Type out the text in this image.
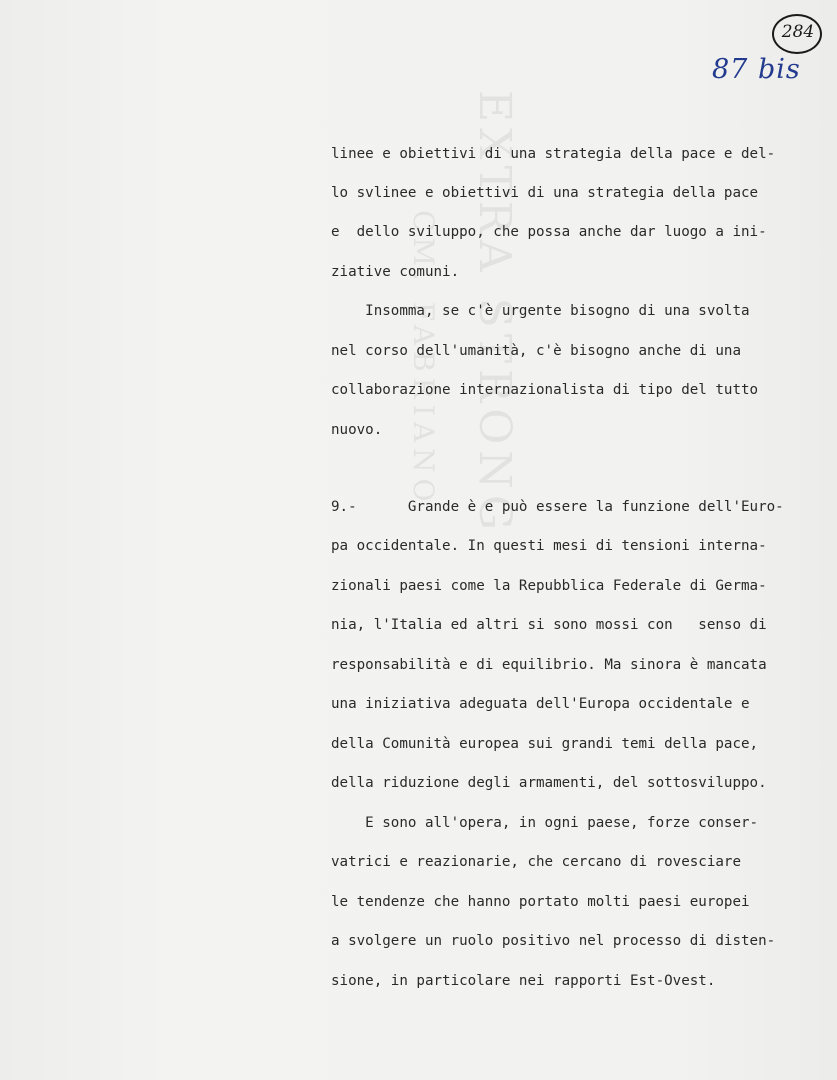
EXTRA STRONG
CM. FABRIANO
284
87 bis
linee e obiettivi di una strategia della pace e del-
lo svlinee e obiettivi di una strategia della pace
e  dello sviluppo, che possa anche dar luogo a ini-
ziative comuni.
Insomma, se c'è urgente bisogno di una svolta
nel corso dell'umanità, c'è bisogno anche di una
collaborazione internazionalista di tipo del tutto
nuovo.
9.-      Grande è e può essere la funzione dell'Euro-
pa occidentale. In questi mesi di tensioni interna-
zionali paesi come la Repubblica Federale di Germa-
nia, l'Italia ed altri si sono mossi con   senso di
responsabilità e di equilibrio. Ma sinora è mancata
una iniziativa adeguata dell'Europa occidentale e
della Comunità europea sui grandi temi della pace,
della riduzione degli armamenti, del sottosviluppo.
E sono all'opera, in ogni paese, forze conser-
vatrici e reazionarie, che cercano di rovesciare
le tendenze che hanno portato molti paesi europei
a svolgere un ruolo positivo nel processo di disten-
sione, in particolare nei rapporti Est-Ovest.
